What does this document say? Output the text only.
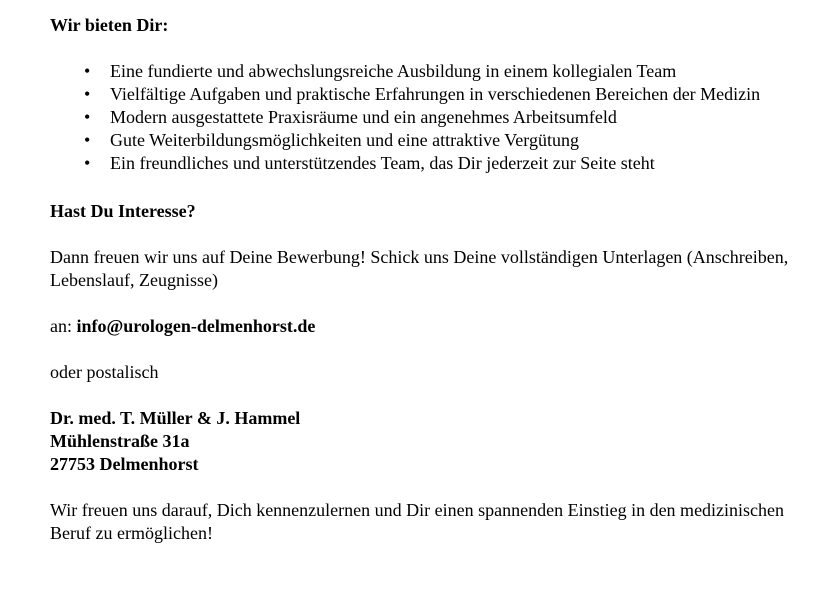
Wir bieten Dir:

• Eine fundierte und abwechslungsreiche Ausbildung in einem kollegialen Team
• Vielfältige Aufgaben und praktische Erfahrungen in verschiedenen Bereichen der Medizin
• Modern ausgestattete Praxisräume und ein angenehmes Arbeitsumfeld
• Gute Weiterbildungsmöglichkeiten und eine attraktive Vergütung
• Ein freundliches und unterstützendes Team, das Dir jederzeit zur Seite steht

Hast Du Interesse?

Dann freuen wir uns auf Deine Bewerbung! Schick uns Deine vollständigen Unterlagen (Anschreiben, Lebenslauf, Zeugnisse)

an: info@urologen-delmenhorst.de

oder postalisch

Dr. med. T. Müller & J. Hammel

Mühlenstraße 31a

27753 Delmenhorst

Wir freuen uns darauf, Dich kennenzulernen und Dir einen spannenden Einstieg in den medizinischen Beruf zu ermöglichen!
